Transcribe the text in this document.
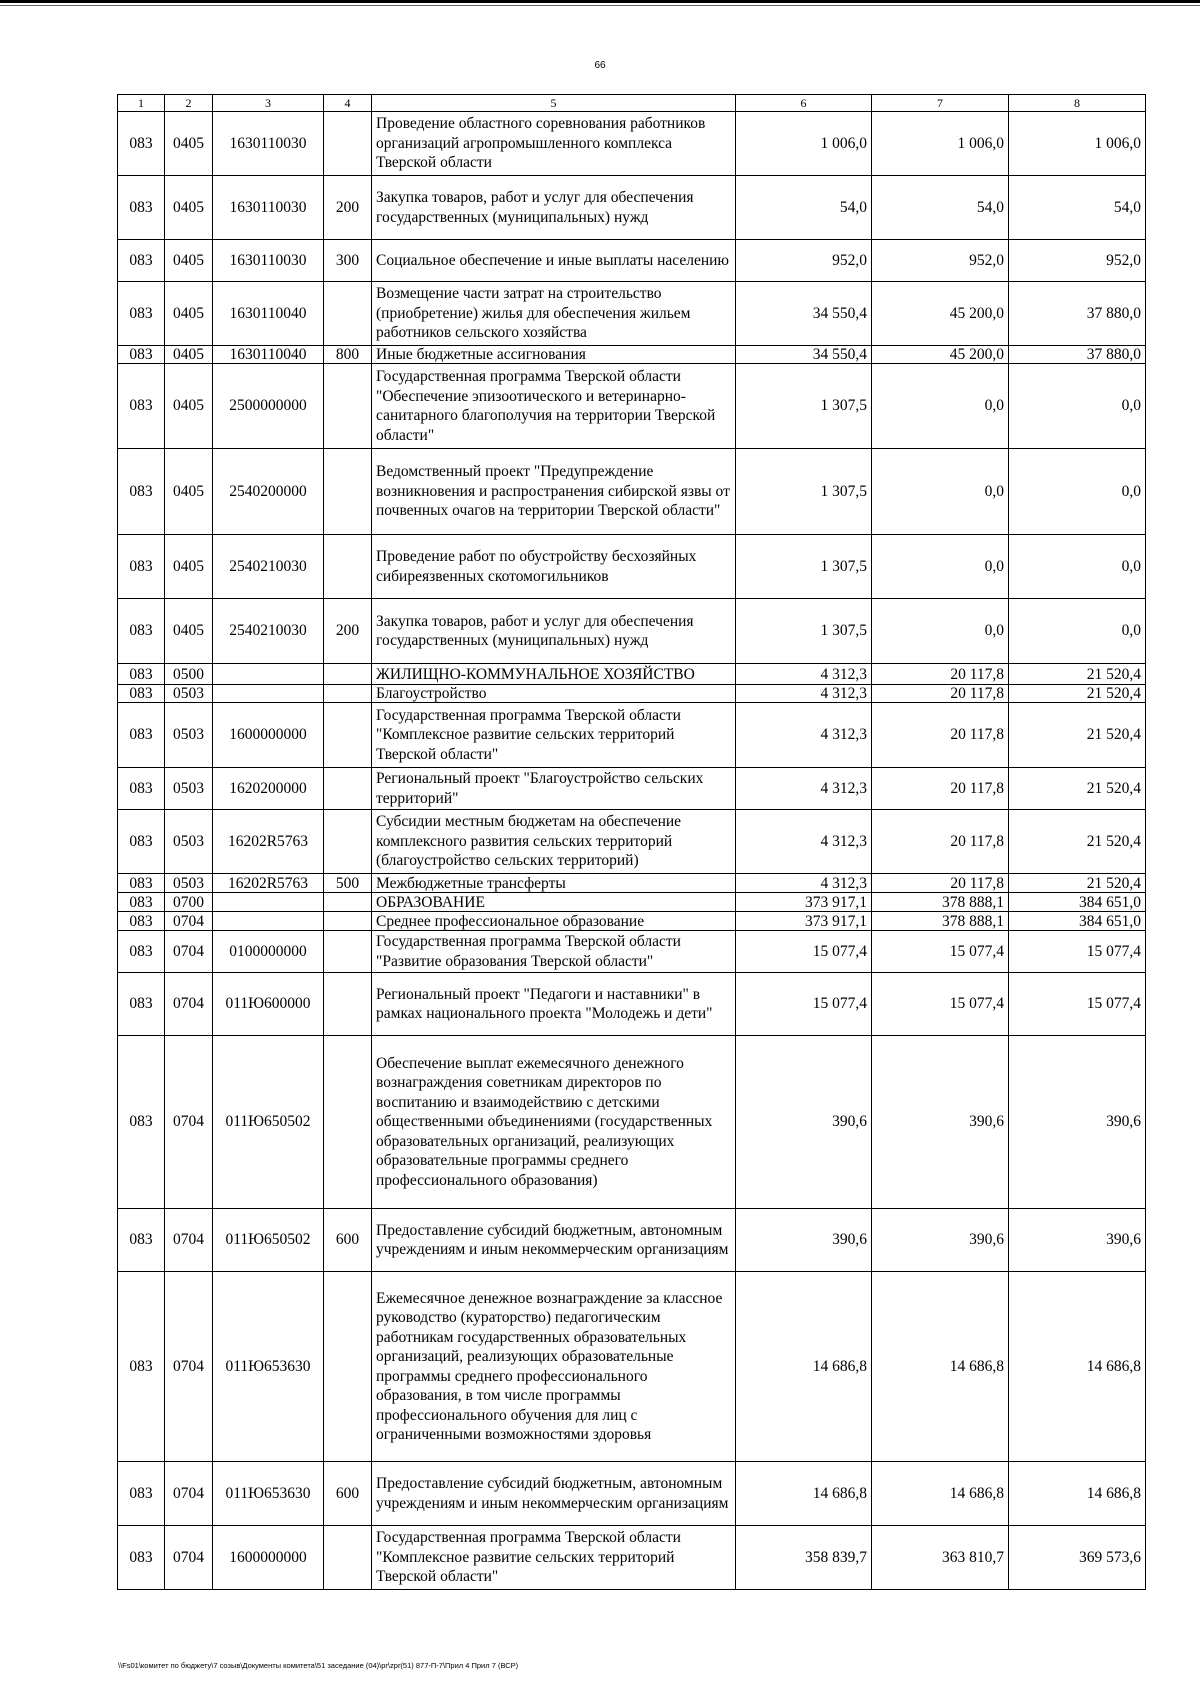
66
1	2	3	4	5	6	7	8
083	0405	1630110030		Проведение областного соревнования работников организаций агропромышленного комплекса Тверской области	1 006,0	1 006,0	1 006,0
083	0405	1630110030	200	Закупка товаров, работ и услуг для обеспечения государственных (муниципальных) нужд	54,0	54,0	54,0
083	0405	1630110030	300	Социальное обеспечение и иные выплаты населению	952,0	952,0	952,0
083	0405	1630110040		Возмещение части затрат на строительство (приобретение) жилья для обеспечения жильем работников сельского хозяйства	34 550,4	45 200,0	37 880,0
083	0405	1630110040	800	Иные бюджетные ассигнования	34 550,4	45 200,0	37 880,0
083	0405	2500000000		Государственная программа Тверской области "Обеспечение эпизоотического и ветеринарно-санитарного благополучия на территории Тверской области"	1 307,5	0,0	0,0
083	0405	2540200000		Ведомственный проект "Предупреждение возникновения и распространения сибирской язвы от почвенных очагов на территории Тверской области"	1 307,5	0,0	0,0
083	0405	2540210030		Проведение работ по обустройству бесхозяйных сибиреязвенных скотомогильников	1 307,5	0,0	0,0
083	0405	2540210030	200	Закупка товаров, работ и услуг для обеспечения государственных (муниципальных) нужд	1 307,5	0,0	0,0
083	0500			ЖИЛИЩНО-КОММУНАЛЬНОЕ ХОЗЯЙСТВО	4 312,3	20 117,8	21 520,4
083	0503			Благоустройство	4 312,3	20 117,8	21 520,4
083	0503	1600000000		Государственная программа Тверской области "Комплексное развитие сельских территорий Тверской области"	4 312,3	20 117,8	21 520,4
083	0503	1620200000		Региональный проект "Благоустройство сельских территорий"	4 312,3	20 117,8	21 520,4
083	0503	16202R5763		Субсидии местным бюджетам на обеспечение комплексного развития сельских территорий (благоустройство сельских территорий)	4 312,3	20 117,8	21 520,4
083	0503	16202R5763	500	Межбюджетные трансферты	4 312,3	20 117,8	21 520,4
083	0700			ОБРАЗОВАНИЕ	373 917,1	378 888,1	384 651,0
083	0704			Среднее профессиональное образование	373 917,1	378 888,1	384 651,0
083	0704	0100000000		Государственная программа Тверской области "Развитие образования Тверской области"	15 077,4	15 077,4	15 077,4
083	0704	011Ю600000		Региональный проект "Педагоги и наставники" в рамках национального проекта "Молодежь и дети"	15 077,4	15 077,4	15 077,4
083	0704	011Ю650502		Обеспечение выплат ежемесячного денежного вознаграждения советникам директоров по воспитанию и взаимодействию с детскими общественными объединениями (государственных образовательных организаций, реализующих образовательные программы среднего профессионального образования)	390,6	390,6	390,6
083	0704	011Ю650502	600	Предоставление субсидий бюджетным, автономным учреждениям и иным некоммерческим организациям	390,6	390,6	390,6
083	0704	011Ю653630		Ежемесячное денежное вознаграждение за классное руководство (кураторство) педагогическим работникам государственных образовательных организаций, реализующих образовательные программы среднего профессионального образования, в том числе программы профессионального обучения для лиц с ограниченными возможностями здоровья	14 686,8	14 686,8	14 686,8
083	0704	011Ю653630	600	Предоставление субсидий бюджетным, автономным учреждениям и иным некоммерческим организациям	14 686,8	14 686,8	14 686,8
083	0704	1600000000		Государственная программа Тверской области "Комплексное развитие сельских территорий Тверской области"	358 839,7	363 810,7	369 573,6
\\Fs01\комитет по бюджету\7 созыв\Документы комитета\51 заседание (04)\pr\zpr(51) 877-П-7\Прил 4 Прил 7 (ВСР)
